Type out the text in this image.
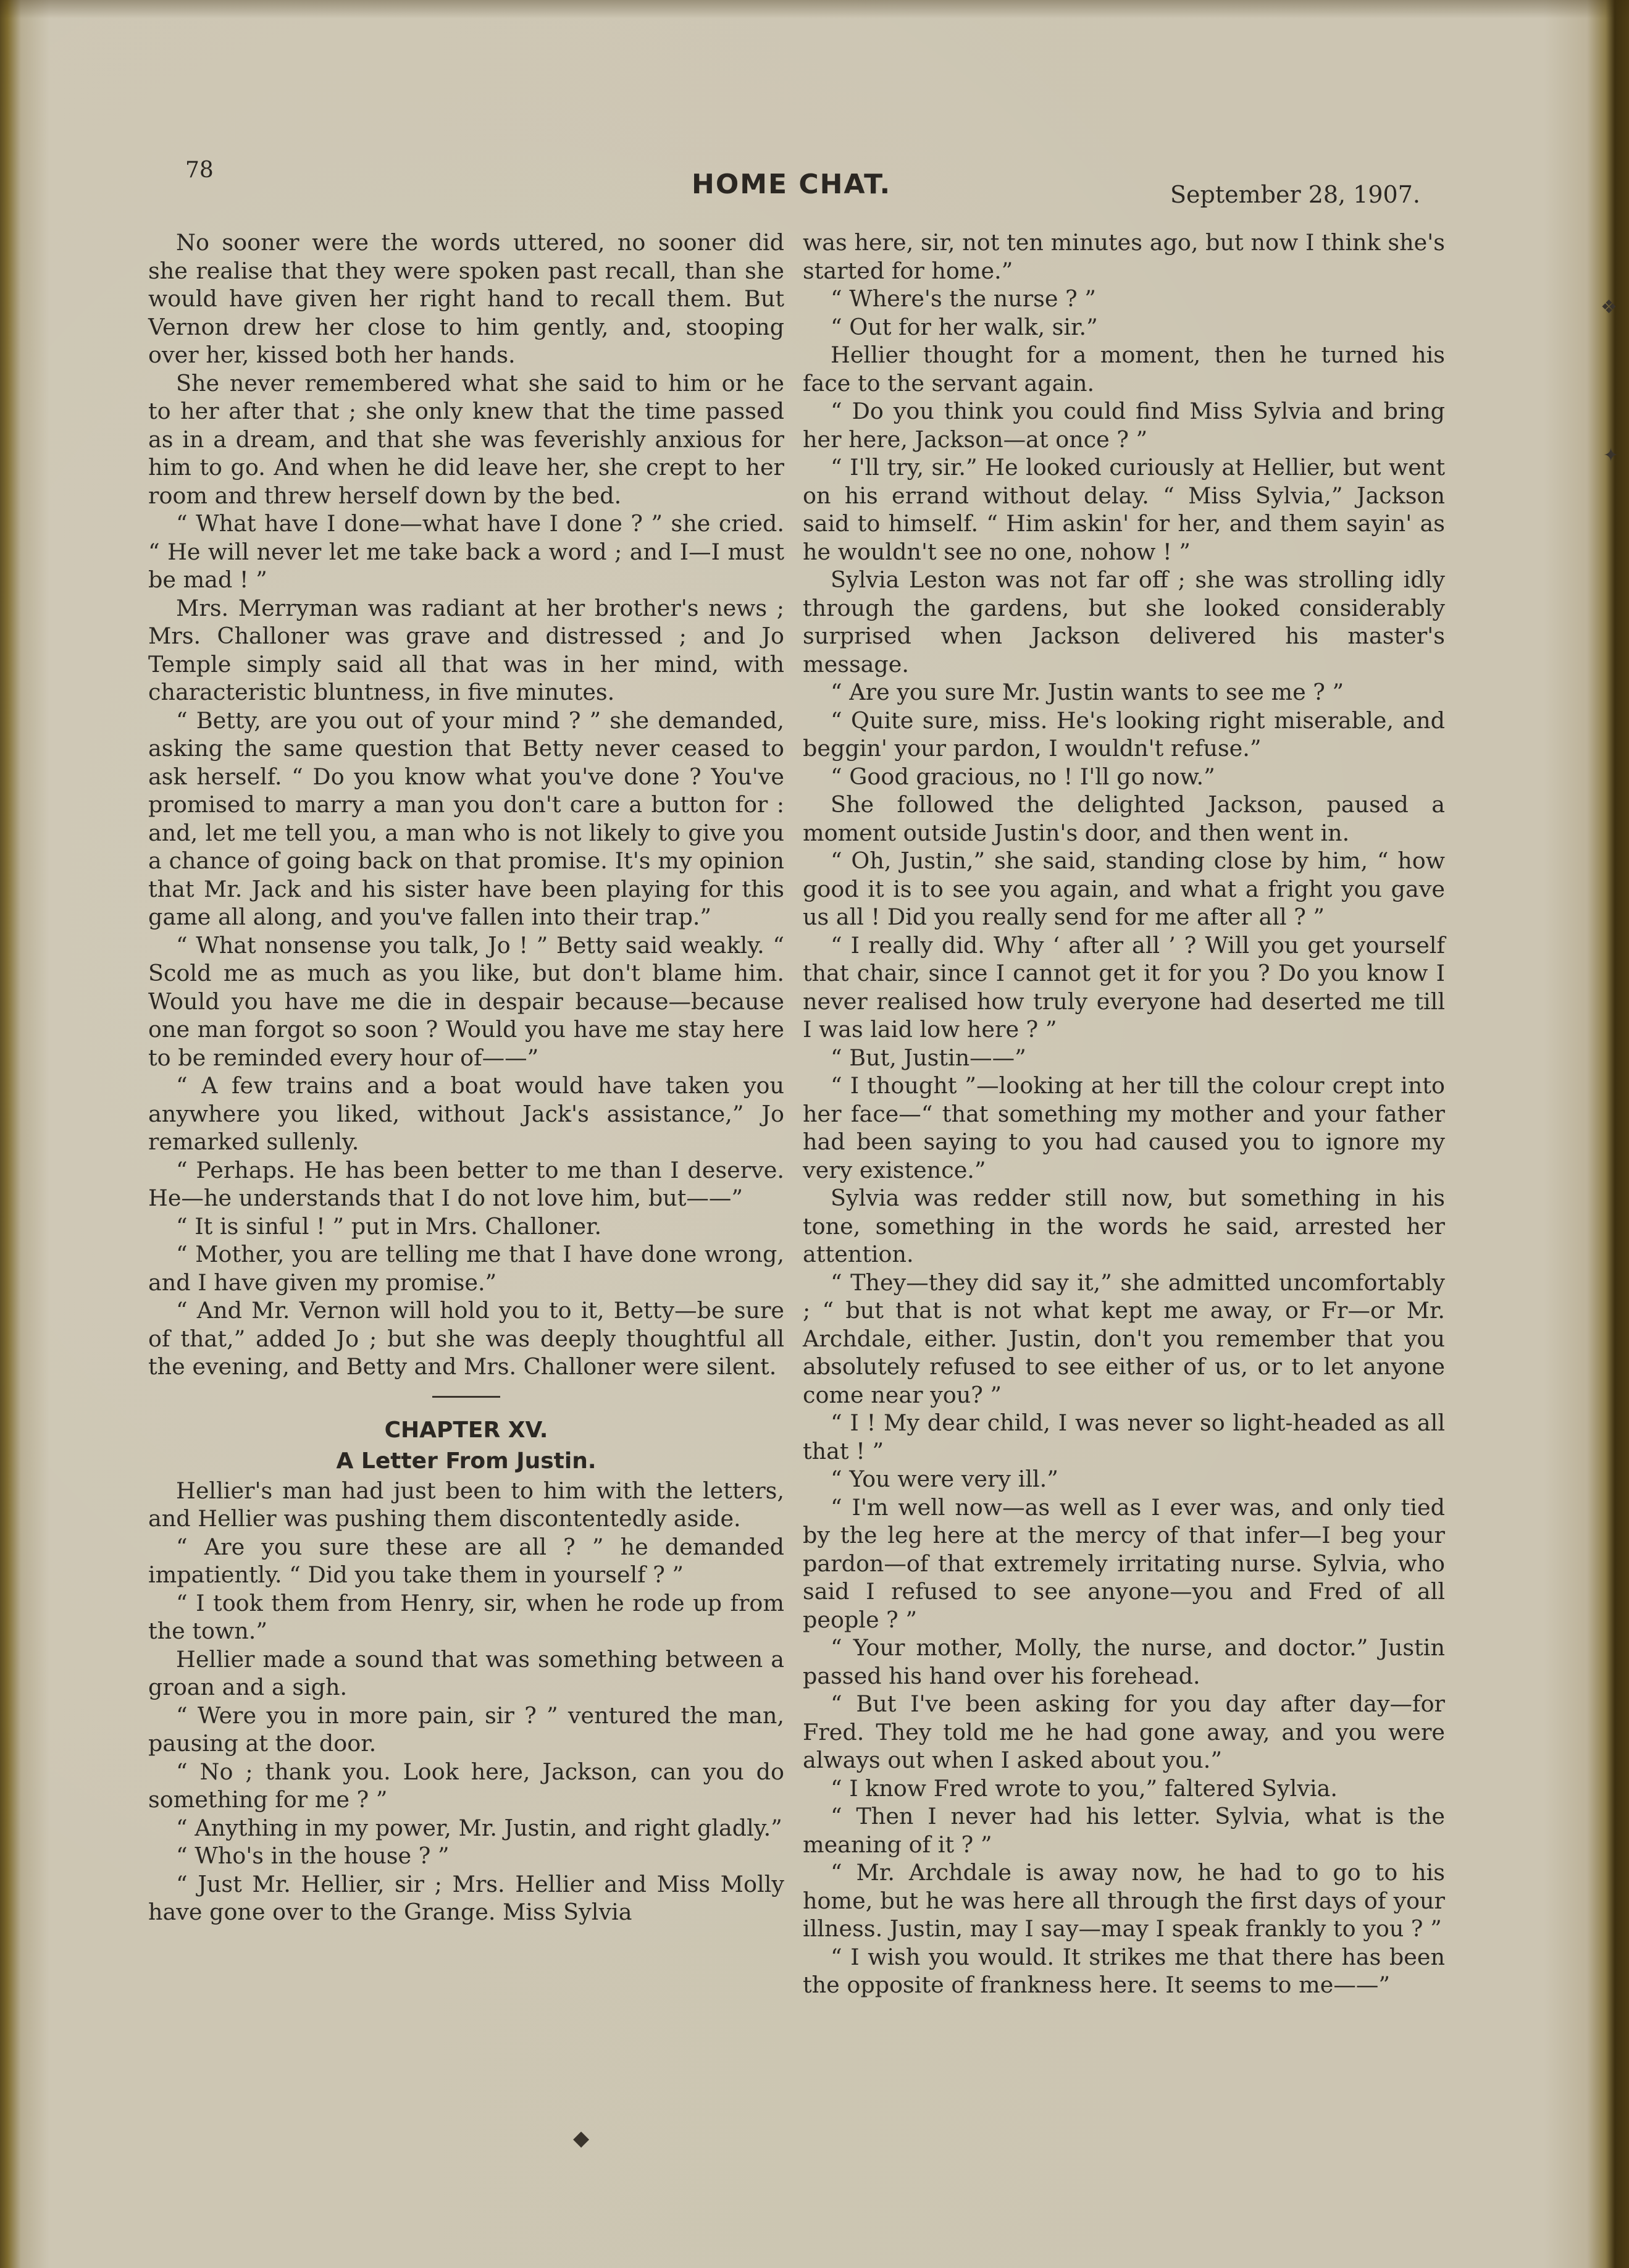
78	HOME CHAT.	September 28, 1907.

No sooner were the words uttered, no sooner did she realise that they were spoken past recall, than she would have given her right hand to recall them. But Vernon drew her close to him gently, and, stooping over her, kissed both her hands.

She never remembered what she said to him or he to her after that ; she only knew that the time passed as in a dream, and that she was feverishly anxious for him to go. And when he did leave her, she crept to her room and threw herself down by the bed.

“ What have I done—what have I done ? ” she cried. “ He will never let me take back a word ; and I—I must be mad ! ”

Mrs. Merryman was radiant at her brother's news ; Mrs. Challoner was grave and distressed ; and Jo Temple simply said all that was in her mind, with characteristic bluntness, in five minutes.

“ Betty, are you out of your mind ? ” she demanded, asking the same question that Betty never ceased to ask herself. “ Do you know what you've done ? You've promised to marry a man you don't care a button for : and, let me tell you, a man who is not likely to give you a chance of going back on that promise. It's my opinion that Mr. Jack and his sister have been playing for this game all along, and you've fallen into their trap.”

“ What nonsense you talk, Jo ! ” Betty said weakly. “ Scold me as much as you like, but don't blame him. Would you have me die in despair because—because one man forgot so soon ? Would you have me stay here to be reminded every hour of——”

“ A few trains and a boat would have taken you anywhere you liked, without Jack's assistance,” Jo remarked sullenly.

“ Perhaps. He has been better to me than I deserve. He—he understands that I do not love him, but——”

“ It is sinful ! ” put in Mrs. Challoner.

“ Mother, you are telling me that I have done wrong, and I have given my promise.”

“ And Mr. Vernon will hold you to it, Betty—be sure of that,” added Jo ; but she was deeply thoughtful all the evening, and Betty and Mrs. Challoner were silent.

CHAPTER XV.

A Letter From Justin.

Hellier's man had just been to him with the letters, and Hellier was pushing them discontentedly aside.

“ Are you sure these are all ? ” he demanded impatiently. “ Did you take them in yourself ? ”

“ I took them from Henry, sir, when he rode up from the town.”

Hellier made a sound that was something between a groan and a sigh.

“ Were you in more pain, sir ? ” ventured the man, pausing at the door.

“ No ; thank you. Look here, Jackson, can you do something for me ? ”

“ Anything in my power, Mr. Justin, and right gladly.”

“ Who's in the house ? ”

“ Just Mr. Hellier, sir ; Mrs. Hellier and Miss Molly have gone over to the Grange. Miss Sylvia

was here, sir, not ten minutes ago, but now I think she's started for home.”

“ Where's the nurse ? ”

“ Out for her walk, sir.”

Hellier thought for a moment, then he turned his face to the servant again.

“ Do you think you could find Miss Sylvia and bring her here, Jackson—at once ? ”

“ I'll try, sir.” He looked curiously at Hellier, but went on his errand without delay. “ Miss Sylvia,” Jackson said to himself. “ Him askin' for her, and them sayin' as he wouldn't see no one, nohow ! ”

Sylvia Leston was not far off ; she was strolling idly through the gardens, but she looked considerably surprised when Jackson delivered his master's message.

“ Are you sure Mr. Justin wants to see me ? ”

“ Quite sure, miss. He's looking right miserable, and beggin' your pardon, I wouldn't refuse.”

“ Good gracious, no ! I'll go now.”

She followed the delighted Jackson, paused a moment outside Justin's door, and then went in.

“ Oh, Justin,” she said, standing close by him, “ how good it is to see you again, and what a fright you gave us all ! Did you really send for me after all ? ”

“ I really did. Why ‘ after all ’ ? Will you get yourself that chair, since I cannot get it for you ? Do you know I never realised how truly everyone had deserted me till I was laid low here ? ”

“ But, Justin——”

“ I thought ”—looking at her till the colour crept into her face—“ that something my mother and your father had been saying to you had caused you to ignore my very existence.”

Sylvia was redder still now, but something in his tone, something in the words he said, arrested her attention.

“ They—they did say it,” she admitted uncomfortably ; “ but that is not what kept me away, or Fr—or Mr. Archdale, either. Justin, don't you remember that you absolutely refused to see either of us, or to let anyone come near you? ”

“ I ! My dear child, I was never so light-headed as all that ! ”

“ You were very ill.”

“ I'm well now—as well as I ever was, and only tied by the leg here at the mercy of that infer—I beg your pardon—of that extremely irritating nurse. Sylvia, who said I refused to see anyone—you and Fred of all people ? ”

“ Your mother, Molly, the nurse, and doctor.” Justin passed his hand over his forehead.

“ But I've been asking for you day after day—for Fred. They told me he had gone away, and you were always out when I asked about you.”

“ I know Fred wrote to you,” faltered Sylvia.

“ Then I never had his letter. Sylvia, what is the meaning of it ? ”

“ Mr. Archdale is away now, he had to go to his home, but he was here all through the first days of your illness. Justin, may I say—may I speak frankly to you ? ”

“ I wish you would. It strikes me that there has been the opposite of frankness here. It seems to me——”

◆
❖
✦
